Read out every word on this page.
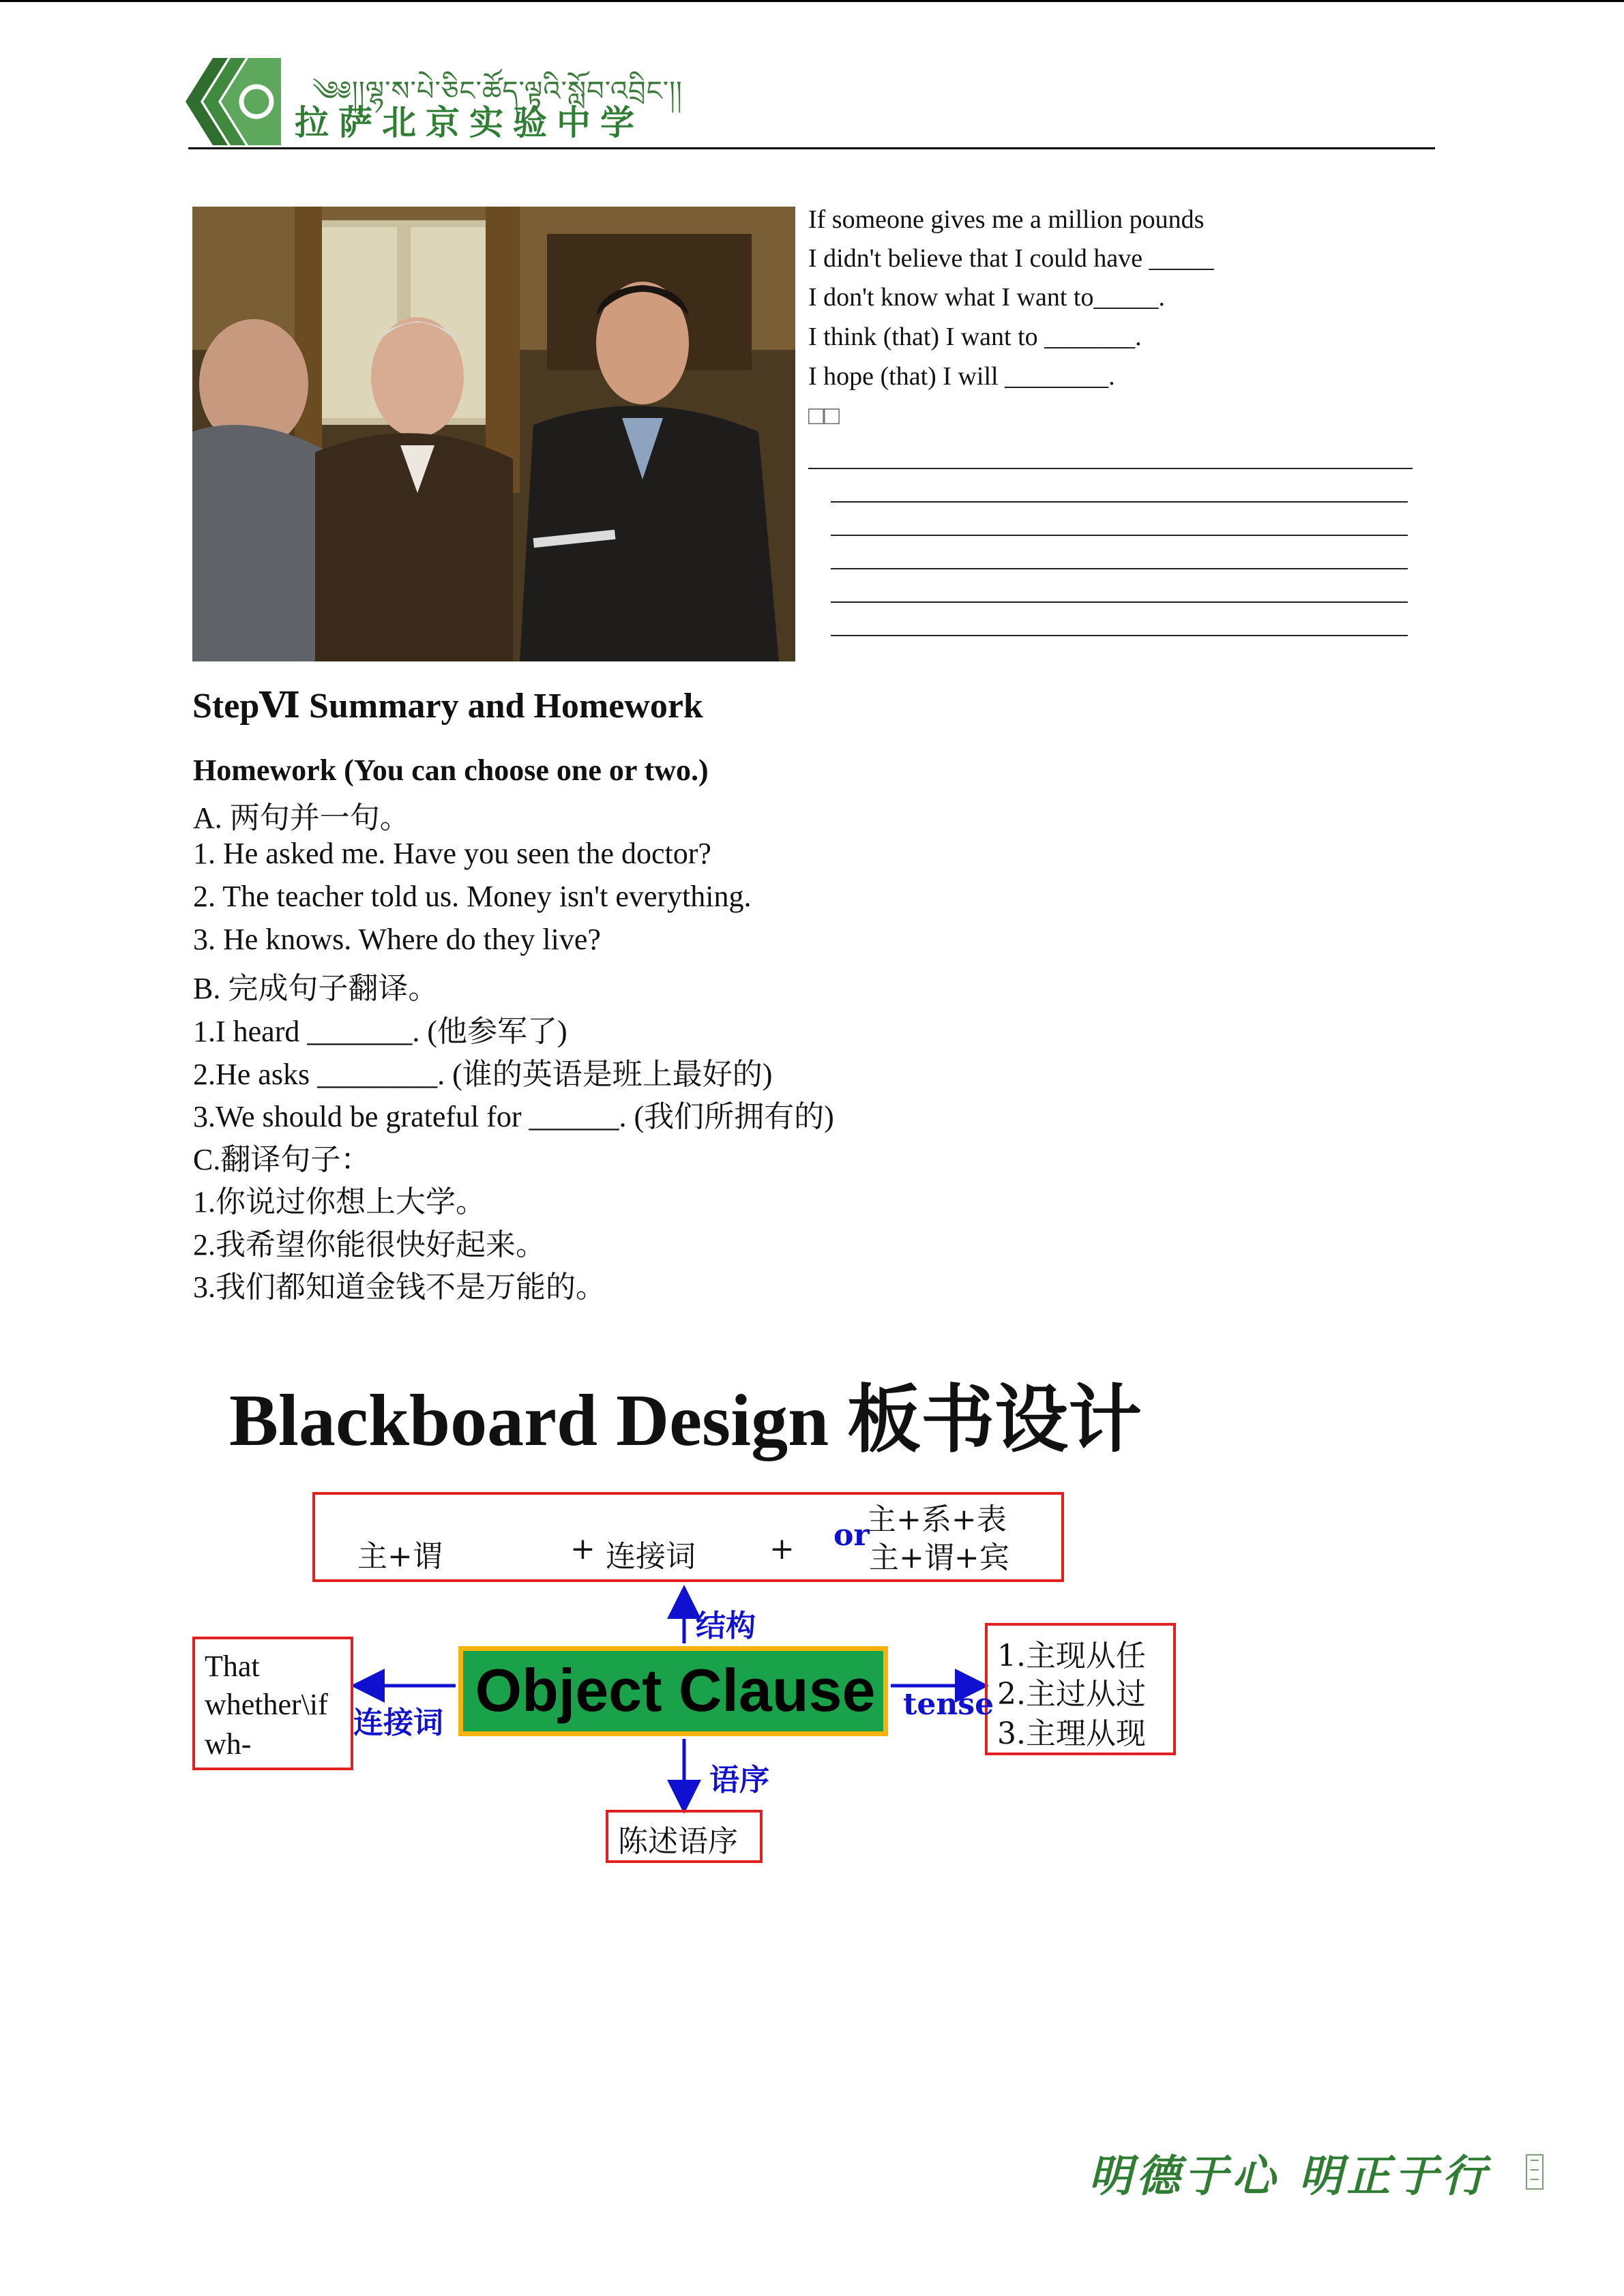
༄༅།།ལྷ་ས་པེ་ཅིང་ཚོད་ལྟའི་སློབ་འབྲིང་།།
拉萨北京实验中学
If someone gives me a million pounds
I didn't believe that I could have _____
I don't know what I want to_____.
I think (that) I want to _______.
I hope (that) I will ________.
□□
StepⅥ Summary and Homework
Homework (You can choose one or two.)
A. 两句并一句。
1. He asked me. Have you seen the doctor?
2. The teacher told us. Money isn't everything.
3. He knows. Where do they live?
B. 完成句子翻译。
1.I heard _______. (他参军了)
2.He asks ________. (谁的英语是班上最好的)
3.We should be grateful for ______. (我们所拥有的)
C.翻译句子：
1.你说过你想上大学。
2.我希望你能很快好起来。
3.我们都知道金钱不是万能的。
Blackboard Design 板书设计
主+谓	+ 连接词 + or
主+系+表
主+谓+宾
结构
Object Clause
That
whether\if
wh-
连接词
1.主现从任
2.主过从过
3.主理从现
tense
语序
陈述语序
明德于心 明正于行
